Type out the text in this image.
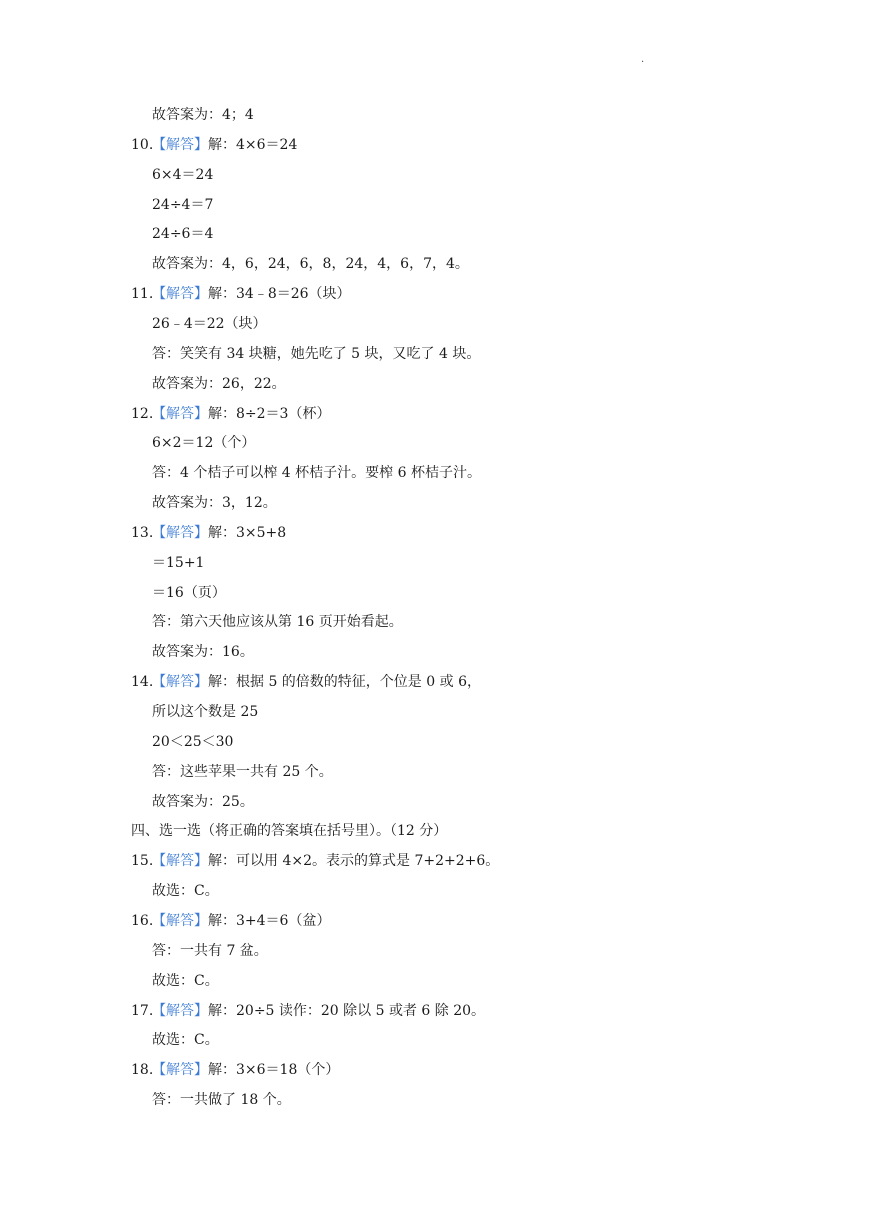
.
故答案为：4；4
10.
【解答】解：4×6＝24
6×4＝24
24÷4＝7
24÷6＝4
故答案为：4，6，24，6，8，24，4，6，7，4。
11.
【解答】解：34﹣8＝26（块）
26﹣4＝22（块）
答：笑笑有 34 块糖，她先吃了 5 块，又吃了 4 块。
故答案为：26，22。
12.
【解答】解：8÷2＝3（杯）
6×2＝12（个）
答：4 个桔子可以榨 4 杯桔子汁。要榨 6 杯桔子汁。
故答案为：3，12。
13.
【解答】解：3×5+8
＝15+1
＝16（页）
答：第六天他应该从第 16 页开始看起。
故答案为：16。
14.
【解答】解：根据 5 的倍数的特征，个位是 0 或 6，
所以这个数是 25
20＜25＜30
答：这些苹果一共有 25 个。
故答案为：25。
四、选一选（将正确的答案填在括号里）。（12 分）
15.
【解答】解：可以用 4×2。表示的算式是 7+2+2+6。
故选：C。
16.
【解答】解：3+4＝6（盆）
答：一共有 7 盆。
故选：C。
17.
【解答】解：20÷5 读作：20 除以 5 或者 6 除 20。
故选：C。
18.
【解答】解：3×6＝18（个）
答：一共做了 18 个。
